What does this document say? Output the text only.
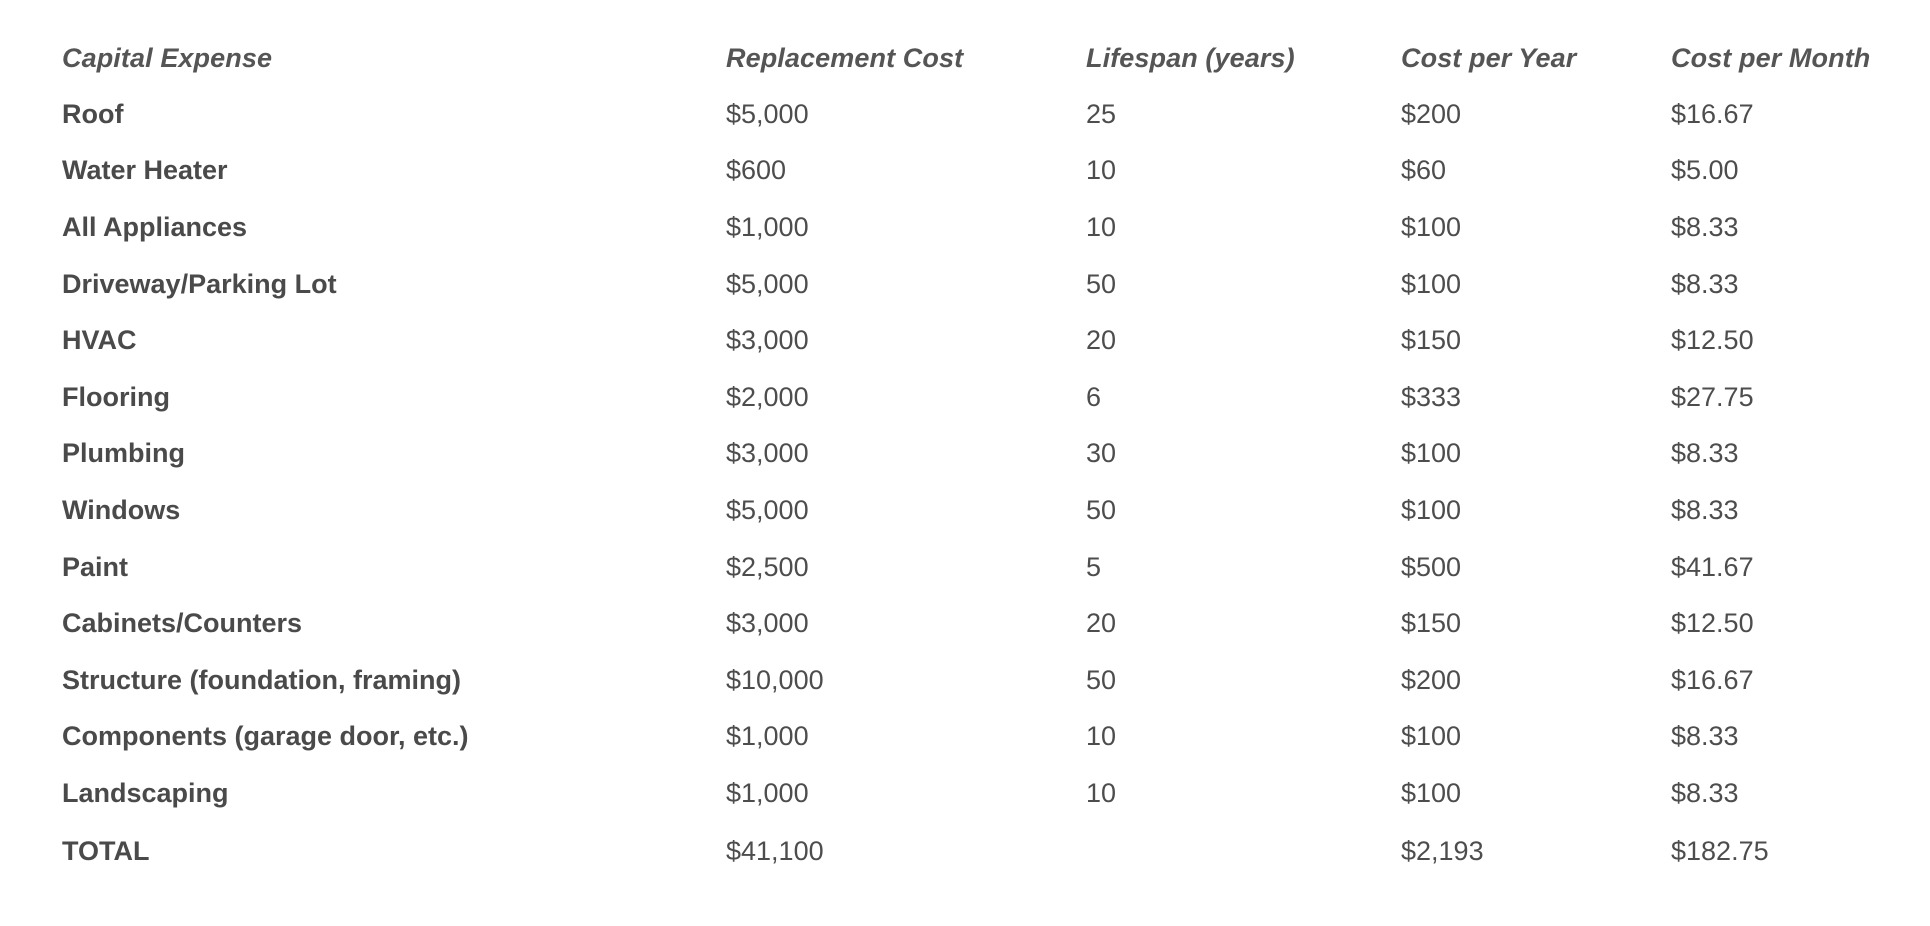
Capital Expense	Replacement Cost	Lifespan (years)	Cost per Year	Cost per Month
Roof	$5,000	25	$200	$16.67
Water Heater	$600	10	$60	$5.00
All Appliances	$1,000	10	$100	$8.33
Driveway/Parking Lot	$5,000	50	$100	$8.33
HVAC	$3,000	20	$150	$12.50
Flooring	$2,000	6	$333	$27.75
Plumbing	$3,000	30	$100	$8.33
Windows	$5,000	50	$100	$8.33
Paint	$2,500	5	$500	$41.67
Cabinets/Counters	$3,000	20	$150	$12.50
Structure (foundation, framing)	$10,000	50	$200	$16.67
Components (garage door, etc.)	$1,000	10	$100	$8.33
Landscaping	$1,000	10	$100	$8.33
TOTAL	$41,100		$2,193	$182.75
